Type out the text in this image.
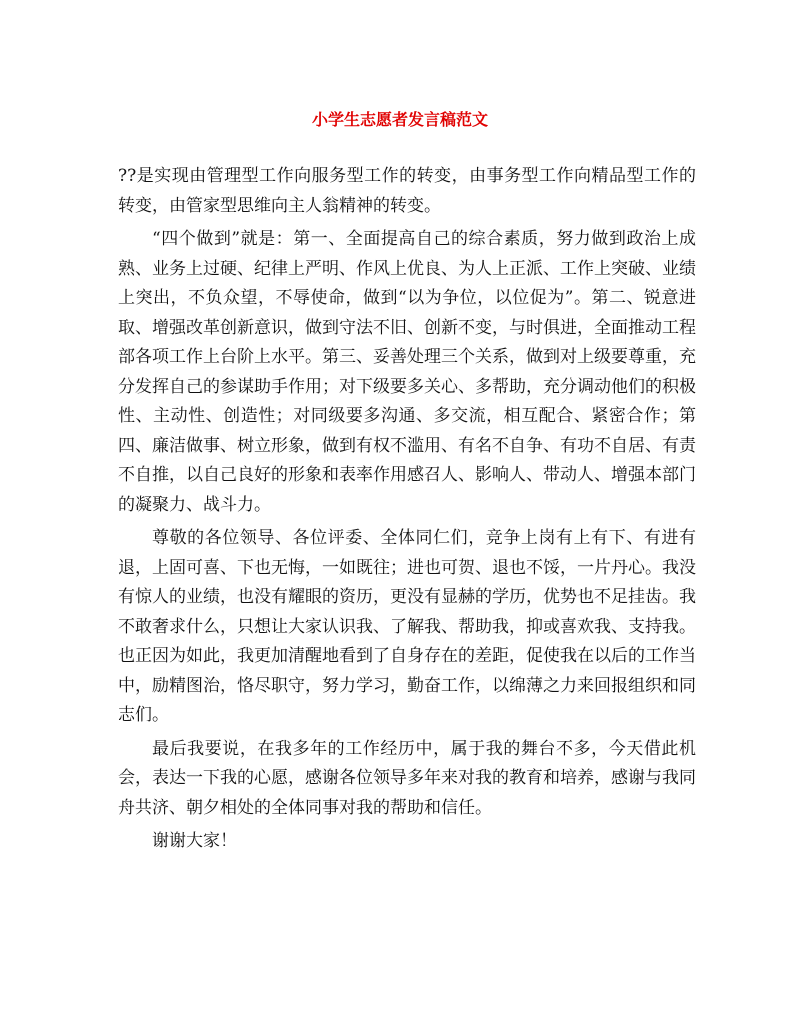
小学生志愿者发言稿范文

??是实现由管理型工作向服务型工作的转变，由事务型工作向精品型工作的转变，由管家型思维向主人翁精神的转变。

“四个做到”就是：第一、全面提高自己的综合素质，努力做到政治上成熟、业务上过硬、纪律上严明、作风上优良、为人上正派、工作上突破、业绩上突出，不负众望，不辱使命，做到“以为争位，以位促为”。第二、锐意进取、增强改革创新意识，做到守法不旧、创新不变，与时俱进，全面推动工程部各项工作上台阶上水平。第三、妥善处理三个关系，做到对上级要尊重，充分发挥自己的参谋助手作用；对下级要多关心、多帮助，充分调动他们的积极性、主动性、创造性；对同级要多沟通、多交流，相互配合、紧密合作；第四、廉洁做事、树立形象，做到有权不滥用、有名不自争、有功不自居、有责不自推，以自己良好的形象和表率作用感召人、影响人、带动人、增强本部门的凝聚力、战斗力。

尊敬的各位领导、各位评委、全体同仁们，竞争上岗有上有下、有进有退，上固可喜、下也无悔，一如既往；进也可贺、退也不馁，一片丹心。我没有惊人的业绩，也没有耀眼的资历，更没有显赫的学历，优势也不足挂齿。我不敢奢求什么，只想让大家认识我、了解我、帮助我，抑或喜欢我、支持我。也正因为如此，我更加清醒地看到了自身存在的差距，促使我在以后的工作当中，励精图治，恪尽职守，努力学习，勤奋工作，以绵薄之力来回报组织和同志们。

最后我要说，在我多年的工作经历中，属于我的舞台不多，今天借此机会，表达一下我的心愿，感谢各位领导多年来对我的教育和培养，感谢与我同舟共济、朝夕相处的全体同事对我的帮助和信任。

谢谢大家！
